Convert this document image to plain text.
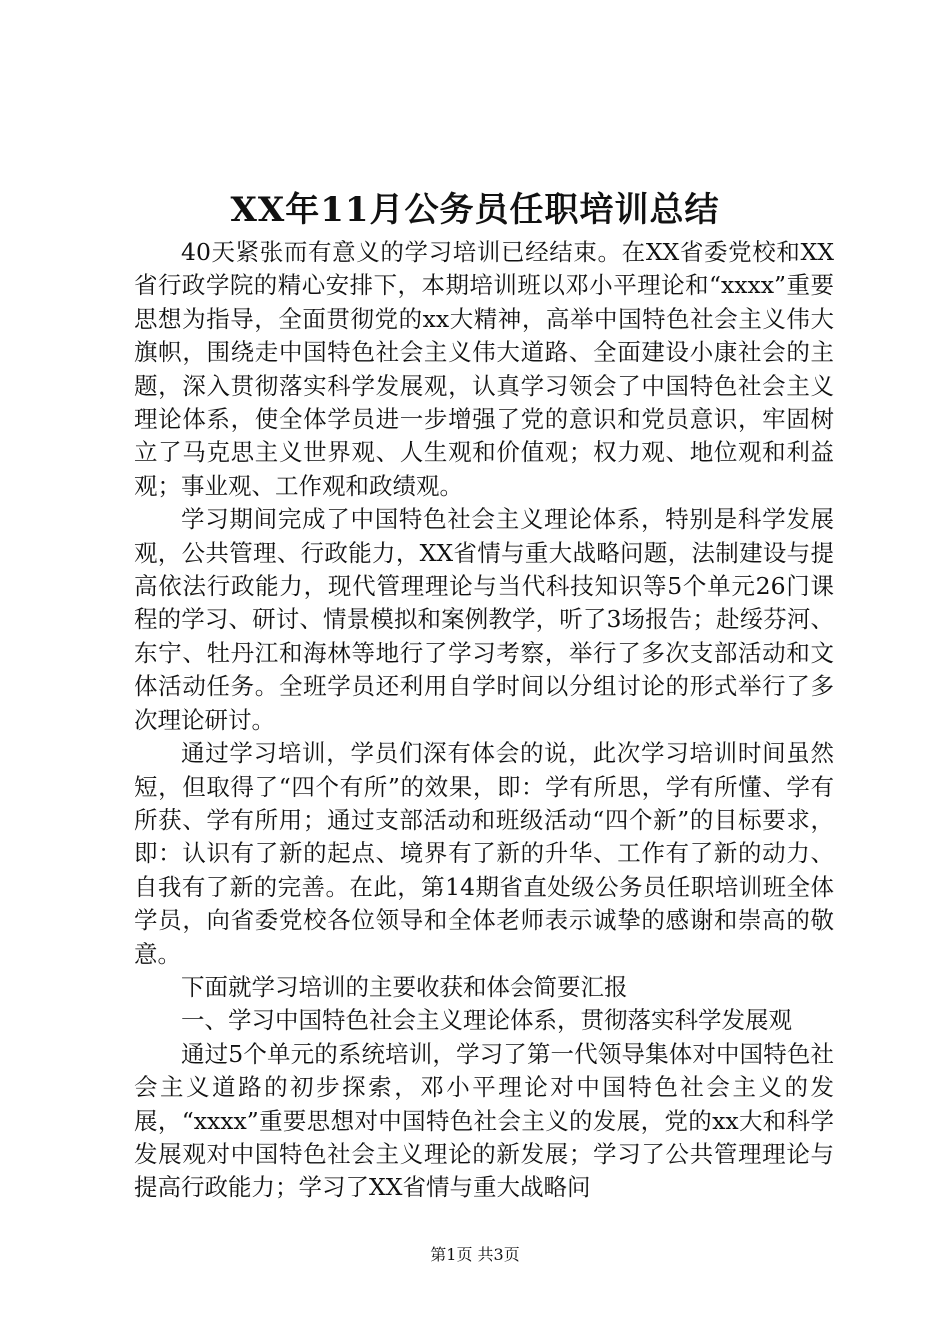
XX年11月公务员任职培训总结

40天紧张而有意义的学习培训已经结束。在XX省委党校和XX省行政学院的精心安排下，本期培训班以邓小平理论和“xxxx”重要思想为指导，全面贯彻党的xx大精神，高举中国特色社会主义伟大旗帜，围绕走中国特色社会主义伟大道路、全面建设小康社会的主题，深入贯彻落实科学发展观，认真学习领会了中国特色社会主义理论体系，使全体学员进一步增强了党的意识和党员意识，牢固树立了马克思主义世界观、人生观和价值观；权力观、地位观和利益观；事业观、工作观和政绩观。

学习期间完成了中国特色社会主义理论体系，特别是科学发展观，公共管理、行政能力，XX省情与重大战略问题，法制建设与提高依法行政能力，现代管理理论与当代科技知识等5个单元26门课程的学习、研讨、情景模拟和案例教学，听了3场报告；赴绥芬河、东宁、牡丹江和海林等地行了学习考察，举行了多次支部活动和文体活动任务。全班学员还利用自学时间以分组讨论的形式举行了多次理论研讨。

通过学习培训，学员们深有体会的说，此次学习培训时间虽然短，但取得了“四个有所”的效果，即：学有所思，学有所懂、学有所获、学有所用；通过支部活动和班级活动“四个新”的目标要求，即：认识有了新的起点、境界有了新的升华、工作有了新的动力、自我有了新的完善。在此，第14期省直处级公务员任职培训班全体学员，向省委党校各位领导和全体老师表示诚挚的感谢和崇高的敬意。

下面就学习培训的主要收获和体会简要汇报

一、学习中国特色社会主义理论体系，贯彻落实科学发展观

通过5个单元的系统培训，学习了第一代领导集体对中国特色社会主义道路的初步探索，邓小平理论对中国特色社会主义的发展，“xxxx”重要思想对中国特色社会主义的发展，党的xx大和科学发展观对中国特色社会主义理论的新发展；学习了公共管理理论与提高行政能力；学习了XX省情与重大战略问

第1页 共3页
